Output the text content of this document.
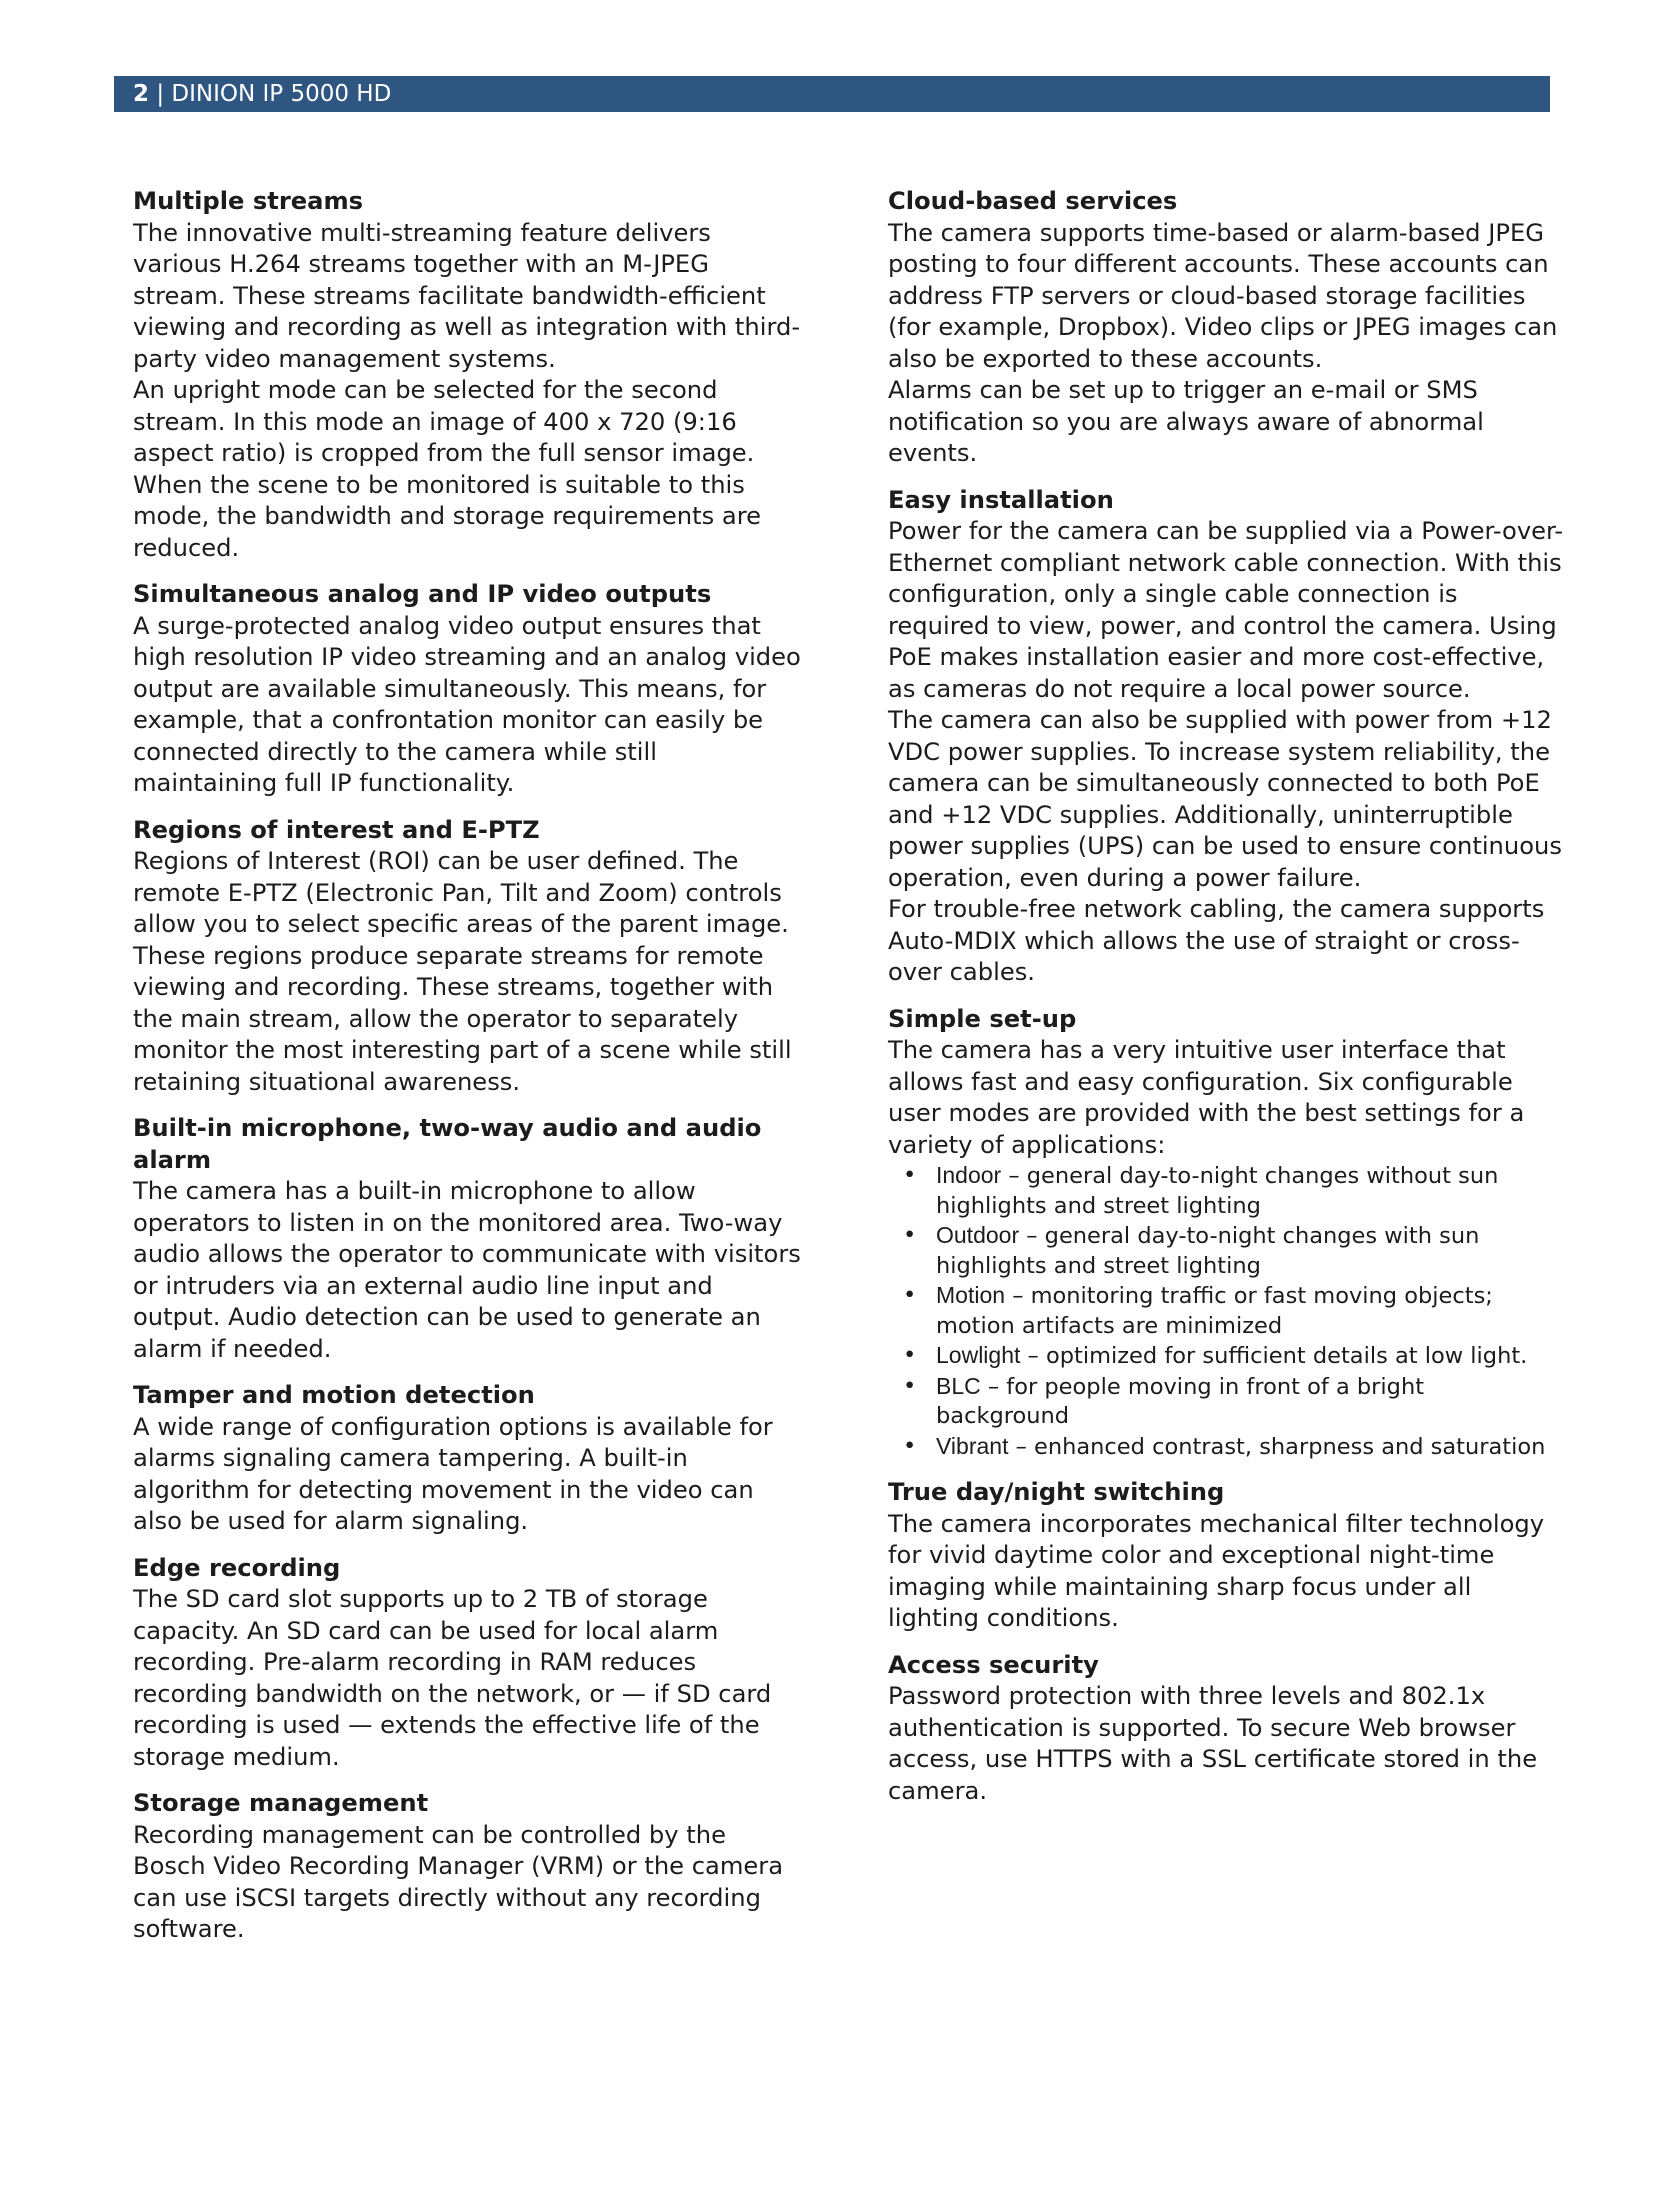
2 | DINION IP 5000 HD
Multiple streams

The innovative multi-streaming feature delivers various H.264 streams together with an M-JPEG stream. These streams facilitate bandwidth-efficient viewing and recording as well as integration with third-party video management systems.

An upright mode can be selected for the second stream. In this mode an image of 400 x 720 (9:16 aspect ratio) is cropped from the full sensor image. When the scene to be monitored is suitable to this mode, the bandwidth and storage requirements are reduced.

Simultaneous analog and IP video outputs

A surge-protected analog video output ensures that high resolution IP video streaming and an analog video output are available simultaneously. This means, for example, that a confrontation monitor can easily be connected directly to the camera while still maintaining full IP functionality.

Regions of interest and E-PTZ

Regions of Interest (ROI) can be user defined. The remote E-PTZ (Electronic Pan, Tilt and Zoom) controls allow you to select specific areas of the parent image. These regions produce separate streams for remote viewing and recording. These streams, together with the main stream, allow the operator to separately monitor the most interesting part of a scene while still retaining situational awareness.

Built-in microphone, two-way audio and audio alarm

The camera has a built-in microphone to allow operators to listen in on the monitored area. Two-way audio allows the operator to communicate with visitors or intruders via an external audio line input and output. Audio detection can be used to generate an alarm if needed.

Tamper and motion detection

A wide range of configuration options is available for alarms signaling camera tampering. A built-in algorithm for detecting movement in the video can also be used for alarm signaling.

Edge recording

The SD card slot supports up to 2 TB of storage capacity. An SD card can be used for local alarm recording. Pre-alarm recording in RAM reduces recording bandwidth on the network, or — if SD card recording is used — extends the effective life of the storage medium.

Storage management

Recording management can be controlled by the Bosch Video Recording Manager (VRM) or the camera can use iSCSI targets directly without any recording software.

Cloud-based services

The camera supports time-based or alarm-based JPEG posting to four different accounts. These accounts can address FTP servers or cloud-based storage facilities (for example, Dropbox). Video clips or JPEG images can also be exported to these accounts.

Alarms can be set up to trigger an e-mail or SMS notification so you are always aware of abnormal events.

Easy installation

Power for the camera can be supplied via a Power-over-Ethernet compliant network cable connection. With this configuration, only a single cable connection is required to view, power, and control the camera. Using PoE makes installation easier and more cost-effective, as cameras do not require a local power source.

The camera can also be supplied with power from +12 VDC power supplies. To increase system reliability, the camera can be simultaneously connected to both PoE and +12 VDC supplies. Additionally, uninterruptible power supplies (UPS) can be used to ensure continuous operation, even during a power failure.

For trouble-free network cabling, the camera supports Auto-MDIX which allows the use of straight or cross-over cables.

Simple set-up

The camera has a very intuitive user interface that allows fast and easy configuration. Six configurable user modes are provided with the best settings for a variety of applications:

• Indoor – general day-to-night changes without sun highlights and street lighting
• Outdoor – general day-to-night changes with sun highlights and street lighting
• Motion – monitoring traffic or fast moving objects; motion artifacts are minimized
• Lowlight – optimized for sufficient details at low light.
• BLC – for people moving in front of a bright background
• Vibrant – enhanced contrast, sharpness and saturation
True day/night switching

The camera incorporates mechanical filter technology for vivid daytime color and exceptional night-time imaging while maintaining sharp focus under all lighting conditions.

Access security

Password protection with three levels and 802.1x authentication is supported. To secure Web browser access, use HTTPS with a SSL certificate stored in the camera.
